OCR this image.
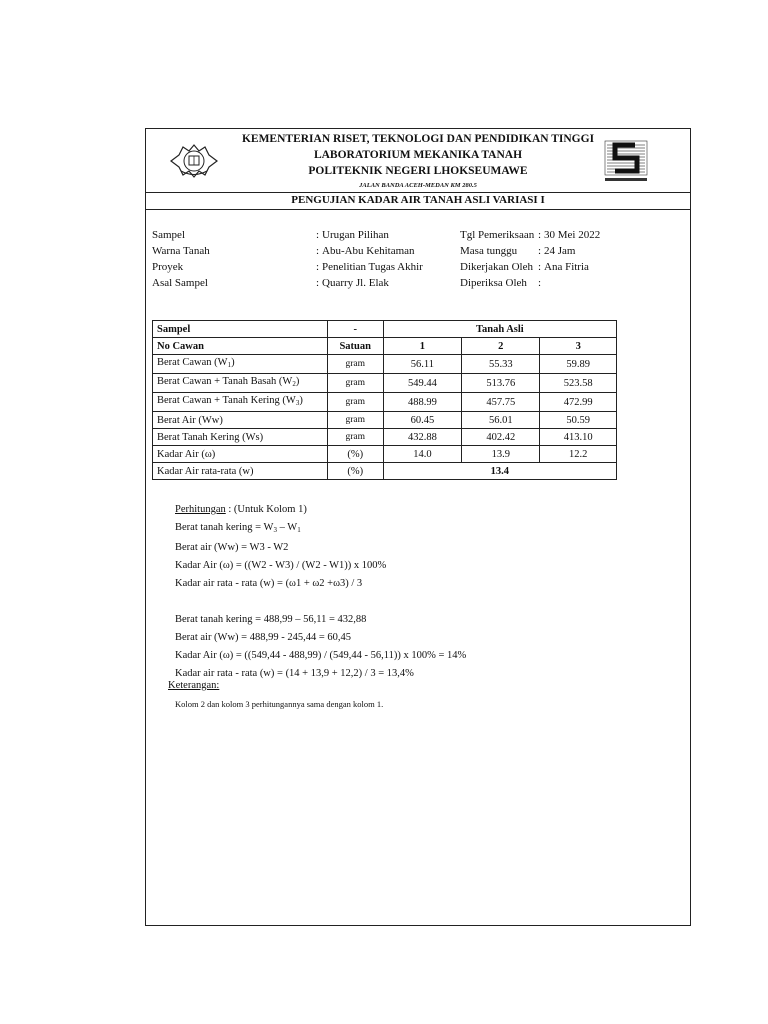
KEMENTERIAN RISET, TEKNOLOGI DAN PENDIDIKAN TINGGI
LABORATORIUM MEKANIKA TANAH
POLITEKNIK NEGERI LHOKSEUMAWE
JALAN BANDA ACEH-MEDAN KM 280.5
PENGUJIAN KADAR AIR TANAH ASLI VARIASI I
Sampel	: Urugan Pilihan
Warna Tanah	: Abu-Abu Kehitaman
Proyek	: Penelitian Tugas Akhir
Asal Sampel	: Quarry Jl. Elak
Tgl Pemeriksaan : 30 Mei 2022
Masa tunggu	: 24 Jam
Dikerjakan Oleh : Ana Fitria
Diperiksa Oleh	:
Sampel	-	Tanah Asli		
No Cawan	Satuan	1	2	3
Berat Cawan $(W_1)$	gram	56.11	55.33	59.89
Berat Cawan + Tanah Basah $(W_2)$	gram	549.44	513.76	523.58
Berat Cawan + Tanah Kering $(W_3)$	gram	488.99	457.75	472.99
Berat Air (Ww)	gram	60.45	56.01	50.59
Berat Tanah Kering (Ws)	gram	432.88	402.42	413.10
Kadar Air (ω)	(%)	14.0	13.9	12.2
Kadar Air rata-rata (w)	(%)	13.4		
Perhitungan : (Untuk Kolom 1)
Berat tanah kering = $W_3 - W_1$
Berat air (Ww) = W3 - W2
Kadar Air (ω) = ((W2 - W3) / (W2 - W1)) x 100%
Kadar air rata - rata (w) = (ω1 + ω2 +ω3) / 3
Berat tanah kering = 488,99 – 56,11 = 432,88
Berat air (Ww) = 488,99 - 245,44 = 60,45
Kadar Air (ω) = ((549,44 - 488,99) / (549,44 - 56,11)) x 100% = 14%
Kadar air rata - rata (w) = (14 + 13,9 + 12,2) / 3 = 13,4%
Keterangan:
Kolom 2 dan kolom 3 perhitungannya sama dengan kolom 1.
